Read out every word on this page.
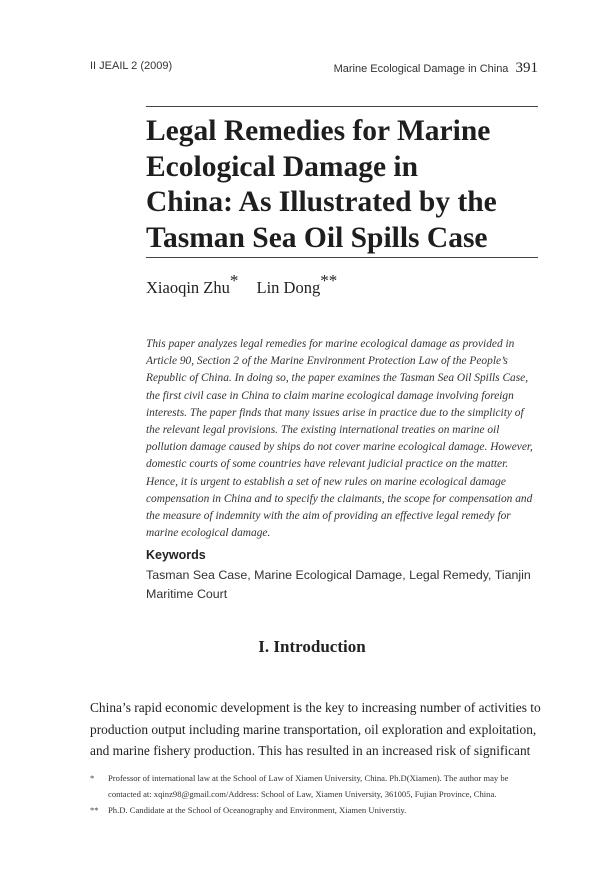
II JEAIL 2 (2009)	Marine Ecological Damage in China 391
Legal Remedies for Marine
Ecological Damage in
China: As Illustrated by the
Tasman Sea Oil Spills Case
Xiaoqin Zhu* Lin Dong**
This paper analyzes legal remedies for marine ecological damage as provided in
Article 90, Section 2 of the Marine Environment Protection Law of the People’s
Republic of China. In doing so, the paper examines the Tasman Sea Oil Spills Case,
the first civil case in China to claim marine ecological damage involving foreign
interests. The paper finds that many issues arise in practice due to the simplicity of
the relevant legal provisions. The existing international treaties on marine oil
pollution damage caused by ships do not cover marine ecological damage. However,
domestic courts of some countries have relevant judicial practice on the matter.
Hence, it is urgent to establish a set of new rules on marine ecological damage
compensation in China and to specify the claimants, the scope for compensation and
the measure of indemnity with the aim of providing an effective legal remedy for
marine ecological damage.
Keywords
Tasman Sea Case, Marine Ecological Damage, Legal Remedy, Tianjin
Maritime Court
I. Introduction
China’s rapid economic development is the key to increasing number of activities to
production output including marine transportation, oil exploration and exploitation,
and marine fishery production. This has resulted in an increased risk of significant
* Professor of international law at the School of Law of Xiamen University, China. Ph.D(Xiamen). The author may be
contacted at: xqinz98@gmail.com/Address: School of Law, Xiamen University, 361005, Fujian Province, China.
** Ph.D. Candidate at the School of Oceanography and Environment, Xiamen Universtiy.
